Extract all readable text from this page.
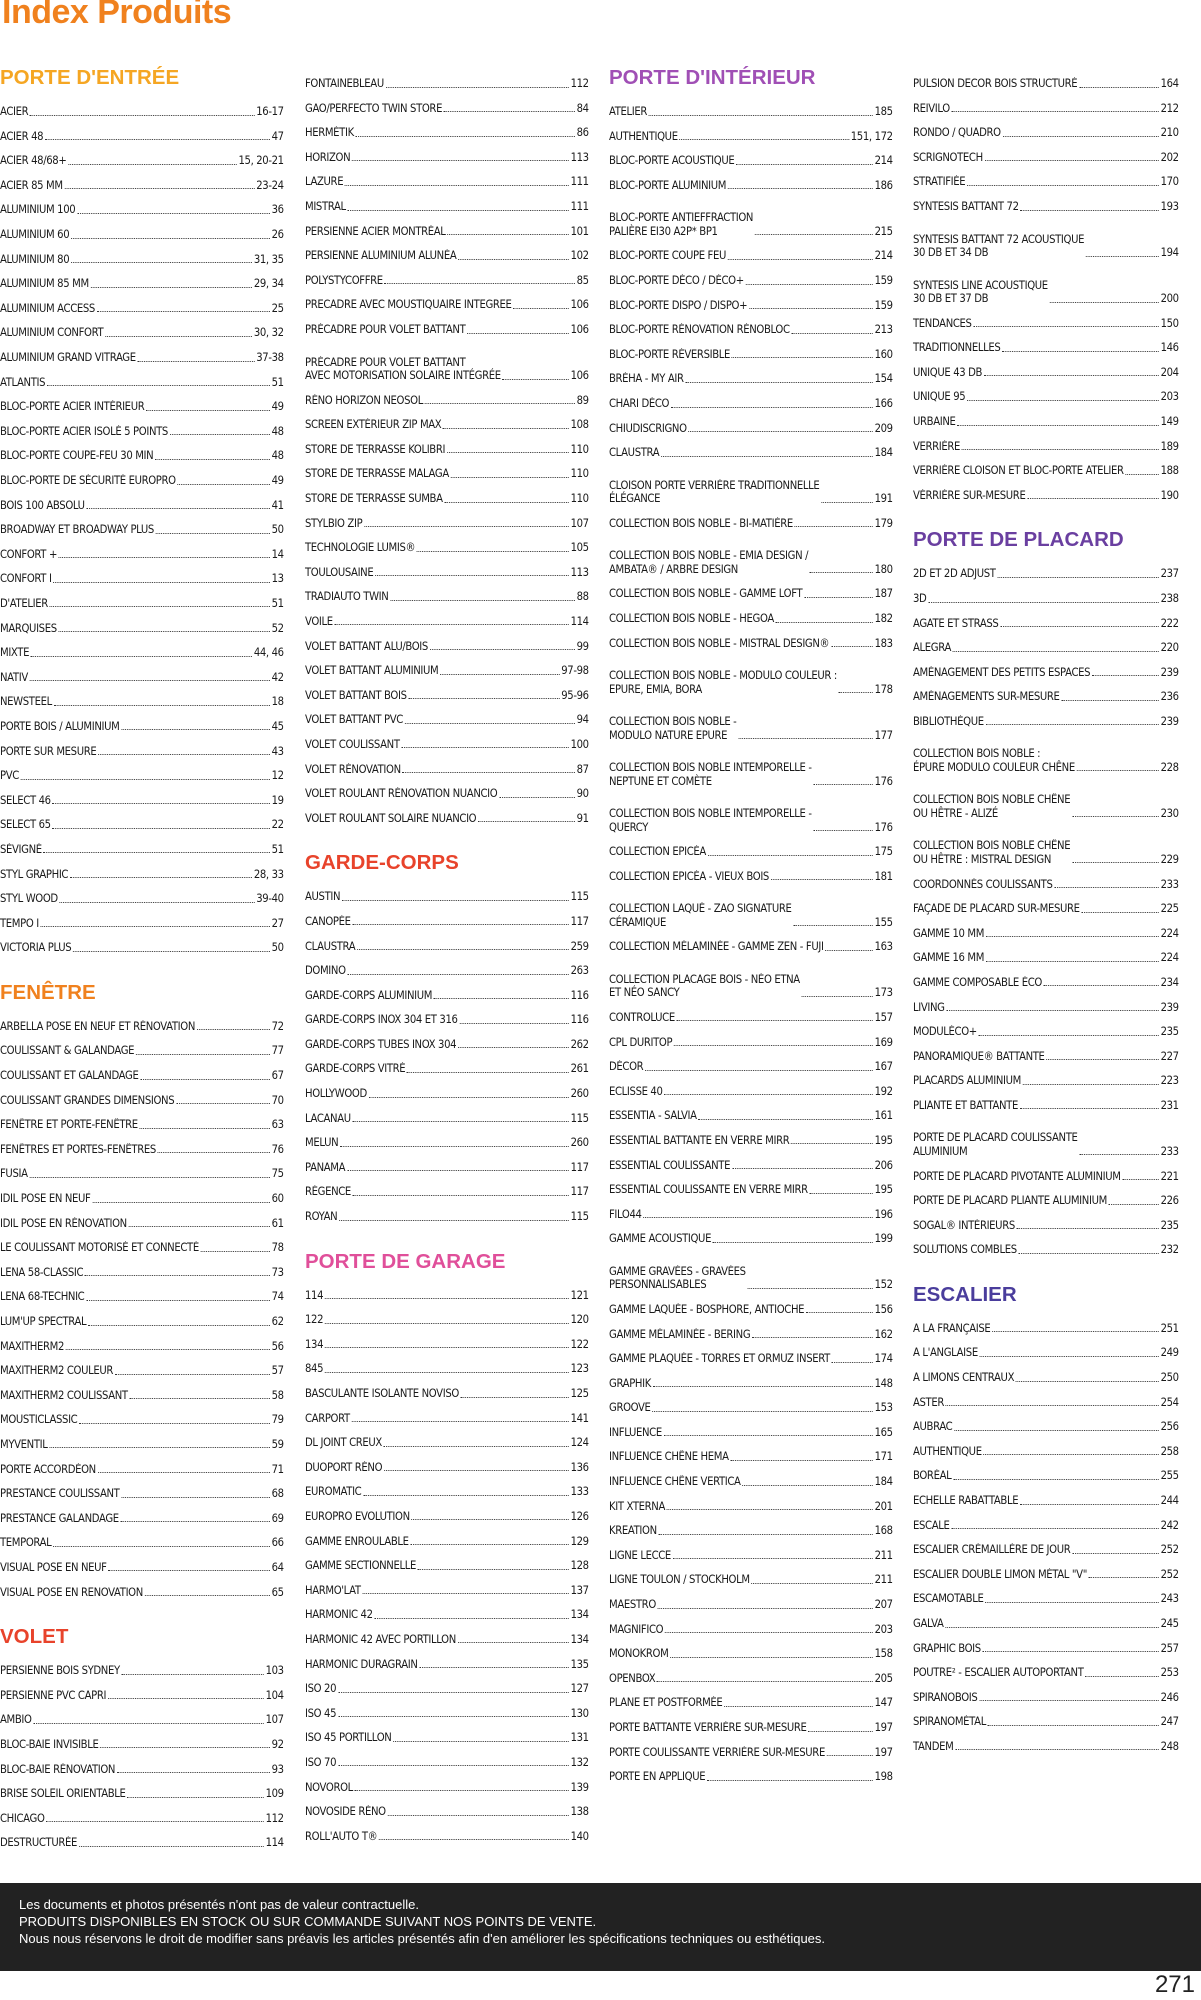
Index Produits
PORTE D'ENTRÉE
ACIER	16-17
ACIER 48	47
ACIER 48/68+	15, 20-21
ACIER 85 MM	23-24
ALUMINIUM 100	36
ALUMINIUM 60	26
ALUMINIUM 80	31, 35
ALUMINIUM 85 MM	29, 34
ALUMINIUM ACCESS	25
ALUMINIUM CONFORT	30, 32
ALUMINIUM GRAND VITRAGE	37-38
ATLANTIS	51
BLOC-PORTE ACIER INTÉRIEUR	49
BLOC-PORTE ACIER ISOLÉ 5 POINTS	48
BLOC-PORTE COUPE-FEU 30 MIN	48
BLOC-PORTE DE SÉCURITÉ EUROPRO	49
BOIS 100 ABSOLU	41
BROADWAY ET BROADWAY PLUS	50
CONFORT +	14
CONFORT I	13
D'ATELIER	51
MARQUISES	52
MIXTE	44, 46
NATIV	42
NEWSTEEL	18
PORTE BOIS / ALUMINIUM	45
PORTE SUR MESURE	43
PVC	12
SELECT 46	19
SELECT 65	22
SÉVIGNÉ	51
STYL GRAPHIC	28, 33
STYL WOOD	39-40
TEMPO I	27
VICTORIA PLUS	50
FENÊTRE
ARBELLA POSE EN NEUF ET RÉNOVATION	72
COULISSANT & GALANDAGE	77
COULISSANT ET GALANDAGE	67
COULISSANT GRANDES DIMENSIONS	70
FENÊTRE ET PORTE-FENÊTRE	63
FENÊTRES ET PORTES-FENÊTRES	76
FUSIA	75
IDIL POSE EN NEUF	60
IDIL POSE EN RÉNOVATION	61
LE COULISSANT MOTORISÉ ET CONNECTÉ	78
LENA 58-CLASSIC	73
LENA 68-TECHNIC	74
LUM'UP SPECTRAL	62
MAXITHERM2	56
MAXITHERM2 COULEUR	57
MAXITHERM2 COULISSANT	58
MOUSTICLASSIC	79
MYVENTIL	59
PORTE ACCORDÉON	71
PRESTANCE COULISSANT	68
PRESTANCE GALANDAGE	69
TEMPORAL	66
VISUAL POSE EN NEUF	64
VISUAL POSE EN RENOVATION	65
VOLET
PERSIENNE BOIS SYDNEY	103
PERSIENNE PVC CAPRI	104
AMBIO	107
BLOC-BAIE INVISIBLE	92
BLOC-BAIE RÉNOVATION	93
BRISE SOLEIL ORIENTABLE	109
CHICAGO	112
DESTRUCTURÉE	114
FONTAINEBLEAU	112
GAO/PERFECTO TWIN STORE	84
HERMÉTIK	86
HORIZON	113
LAZURE	111
MISTRAL	111
PERSIENNE ACIER MONTRÉAL	101
PERSIENNE ALUMINIUM ALUNÉA	102
POLYSTYCOFFRE	85
PRECADRE AVEC MOUSTIQUAIRE INTEGREE	106
PRÉCADRE POUR VOLET BATTANT	106
PRÉCADRE POUR VOLET BATTANT
AVEC MOTORISATION SOLAIRE INTÉGRÉE	106
RÉNO HORIZON NEOSOL	89
SCREEN EXTÉRIEUR ZIP MAX	108
STORE DE TERRASSE KOLIBRI	110
STORE DE TERRASSE MALAGA	110
STORE DE TERRASSE SUMBA	110
STYLBIO ZIP	107
TECHNOLOGIE LUMIS®	105
TOULOUSAINE	113
TRADIAUTO TWIN	88
VOILE	114
VOLET BATTANT ALU/BOIS	99
VOLET BATTANT ALUMINIUM	97-98
VOLET BATTANT BOIS	95-96
VOLET BATTANT PVC	94
VOLET COULISSANT	100
VOLET RÉNOVATION	87
VOLET ROULANT RÉNOVATION NUANCIO	90
VOLET ROULANT SOLAIRE NUANCIO	91
GARDE-CORPS
AUSTIN	115
CANOPÉE	117
CLAUSTRA	259
DOMINO	263
GARDE-CORPS ALUMINIUM	116
GARDE-CORPS INOX 304 ET 316	116
GARDE-CORPS TUBES INOX 304	262
GARDE-CORPS VITRÉ	261
HOLLYWOOD	260
LACANAU	115
MELUN	260
PANAMA	117
RÉGENCE	117
ROYAN	115
PORTE DE GARAGE
114	121
122	120
134	122
845	123
BASCULANTE ISOLANTE NOVISO	125
CARPORT	141
DL JOINT CREUX	124
DUOPORT RÉNO	136
EUROMATIC	133
EUROPRO EVOLUTION	126
GAMME ENROULABLE	129
GAMME SECTIONNELLE	128
HARMO'LAT	137
HARMONIC 42	134
HARMONIC 42 AVEC PORTILLON	134
HARMONIC DURAGRAIN	135
ISO 20	127
ISO 45	130
ISO 45 PORTILLON	131
ISO 70	132
NOVOROL	139
NOVOSIDE RÉNO	138
ROLL'AUTO T®	140
PORTE D'INTÉRIEUR
ATELIER	185
AUTHENTIQUE	151, 172
BLOC-PORTE ACOUSTIQUE	214
BLOC-PORTE ALUMINIUM	186
BLOC-PORTE ANTIEFFRACTION
PALIÈRE EI30 A2P* BP1	215
BLOC-PORTE COUPE FEU	214
BLOC-PORTE DÉCO / DÉCO+	159
BLOC-PORTE DISPO / DISPO+	159
BLOC-PORTE RÉNOVATION RÉNOBLOC	213
BLOC-PORTE RÉVERSIBLE	160
BRÉHA - MY AIR	154
CHARI DÉCO	166
CHIUDISCRIGNO	209
CLAUSTRA	184
CLOISON PORTE VERRIÈRE TRADITIONNELLE
ÉLÉGANCE	191
COLLECTION BOIS NOBLE - BI-MATIÈRE	179
COLLECTION BOIS NOBLE - EMIA DESIGN /
AMBATA® / ARBRE DESIGN	180
COLLECTION BOIS NOBLE - GAMME LOFT	187
COLLECTION BOIS NOBLE - HEGOA	182
COLLECTION BOIS NOBLE - MISTRAL DESIGN®	183
COLLECTION BOIS NOBLE - MODULO COULEUR :
EPURE, EMIA, BORA	178
COLLECTION BOIS NOBLE -
MODULO NATURE EPURE	177
COLLECTION BOIS NOBLE INTEMPORELLE -
NEPTUNE ET COMÈTE	176
COLLECTION BOIS NOBLE INTEMPORELLE -
QUERCY	176
COLLECTION EPICÉA	175
COLLECTION EPICÉA - VIEUX BOIS	181
COLLECTION LAQUÉ - ZAO SIGNATURE
CÉRAMIQUE	155
COLLECTION MÉLAMINÉE - GAMME ZEN - FUJI	163
COLLECTION PLACAGE BOIS - NÉO ETNA
ET NÉO SANCY	173
CONTROLUCE	157
CPL DURITOP	169
DÉCOR	167
ECLISSE 40	192
ESSENTIA - SALVIA	161
ESSENTIAL BATTANTE EN VERRE MIRR	195
ESSENTIAL COULISSANTE	206
ESSENTIAL COULISSANTE EN VERRE MIRR	195
FILO44	196
GAMME ACOUSTIQUE	199
GAMME GRAVÉES - GRAVÉES
PERSONNALISABLES	152
GAMME LAQUÉE - BOSPHORE, ANTIOCHE	156
GAMME MÉLAMINÉE - BERING	162
GAMME PLAQUÉE - TORRES ET ORMUZ INSERT	174
GRAPHIK	148
GROOVE	153
INFLUENCE	165
INFLUENCE CHÊNE HEMA	171
INFLUENCE CHÊNE VERTICA	184
KIT XTERNA	201
KREATION	168
LIGNE LECCE	211
LIGNE TOULON / STOCKHOLM	211
MAESTRO	207
MAGNIFICO	203
MONOKROM	158
OPENBOX	205
PLANE ET POSTFORMÉE	147
PORTE BATTANTE VERRIÈRE SUR-MESURE	197
PORTE COULISSANTE VERRIÈRE SUR-MESURE	197
PORTE EN APPLIQUE	198
PULSION DECOR BOIS STRUCTURÉ	164
REIVILO	212
RONDO / QUADRO	210
SCRIGNOTECH	202
STRATIFIÉE	170
SYNTESIS BATTANT 72	193
SYNTESIS BATTANT 72 ACOUSTIQUE
30 DB ET 34 DB	194
SYNTESIS LINE ACOUSTIQUE
30 DB ET 37 DB	200
TENDANCES	150
TRADITIONNELLES	146
UNIQUE 43 DB	204
UNIQUE 95	203
URBAINE	149
VERRIÈRE	189
VERRIÈRE CLOISON ET BLOC-PORTE ATELIER	188
VÉRRIÈRE SUR-MESURE	190
PORTE DE PLACARD
2D ET 2D ADJUST	237
3D	238
AGATE ET STRASS	222
ALEGRA	220
AMÉNAGEMENT DES PETITS ESPACES	239
AMÉNAGEMENTS SUR-MESURE	236
BIBLIOTHÈQUE	239
COLLECTION BOIS NOBLE :
ÉPURE MODULO COULEUR CHÊNE	228
COLLECTION BOIS NOBLE CHÊNE
OU HÊTRE - ALIZÉ	230
COLLECTION BOIS NOBLE CHÊNE
OU HÊTRE : MISTRAL DESIGN	229
COORDONNÉS COULISSANTS	233
FAÇADE DE PLACARD SUR-MESURE	225
GAMME 10 MM	224
GAMME 16 MM	224
GAMME COMPOSABLE ÉCO	234
LIVING	239
MODULÉCO+	235
PANORAMIQUE® BATTANTE	227
PLACARDS ALUMINIUM	223
PLIANTE ET BATTANTE	231
PORTE DE PLACARD COULISSANTE
ALUMINIUM	233
PORTE DE PLACARD PIVOTANTE ALUMINIUM	221
PORTE DE PLACARD PLIANTE ALUMINIUM	226
SOGAL® INTÉRIEURS	235
SOLUTIONS COMBLES	232
ESCALIER
A LA FRANÇAISE	251
A L'ANGLAISE	249
A LIMONS CENTRAUX	250
ASTER	254
AUBRAC	256
AUTHENTIQUE	258
BORÉAL	255
ECHELLE RABATTABLE	244
ESCALE	242
ESCALIER CRÉMAILLÈRE DE JOUR	252
ESCALIER DOUBLE LIMON MÉTAL "V"	252
ESCAMOTABLE	243
GALVA	245
GRAPHIC BOIS	257
POUTRE² - ESCALIER AUTOPORTANT	253
SPIRANOBOIS	246
SPIRANOMÉTAL	247
TANDEM	248
Les documents et photos présentés n'ont pas de valeur contractuelle.
PRODUITS DISPONIBLES EN STOCK OU SUR COMMANDE SUIVANT NOS POINTS DE VENTE.
Nous nous réservons le droit de modifier sans préavis les articles présentés afin d'en améliorer les spécifications techniques ou esthétiques.
271
